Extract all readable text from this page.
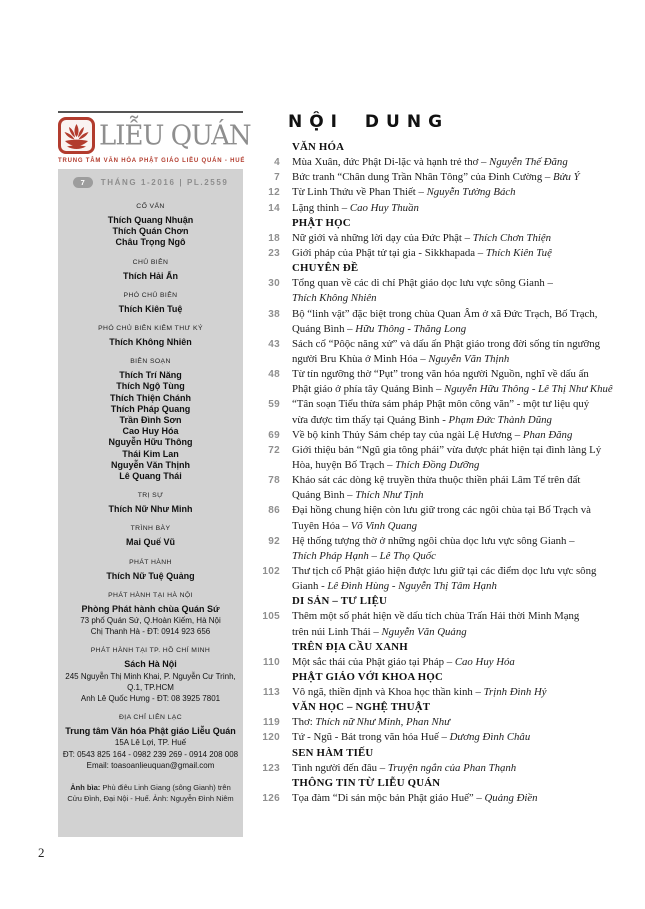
LIỄU QUÁN
TRUNG TÂM VĂN HÓA PHẬT GIÁO LIỄU QUÁN - HUẾ
7	THÁNG 1-2016 | PL.2559
CỐ VẤN
Thích Quang Nhuận
Thích Quán Chơn
Châu Trọng Ngô
CHỦ BIÊN
Thích Hải Ấn
PHÓ CHỦ BIÊN
Thích Kiên Tuệ
PHÓ CHỦ BIÊN KIÊM THƯ KÝ
Thích Không Nhiên
BIÊN SOẠN
Thích Trí Năng
Thích Ngộ Tùng
Thích Thiện Chánh
Thích Pháp Quang
Trần Đình Sơn
Cao Huy Hóa
Nguyễn Hữu Thông
Thái Kim Lan
Nguyễn Văn Thịnh
Lê Quang Thái
TRỊ SỰ
Thích Nữ Như Minh
TRÌNH BÀY
Mai Quế Vũ
PHÁT HÀNH
Thích Nữ Tuệ Quảng
PHÁT HÀNH TẠI HÀ NỘI
Phòng Phát hành chùa Quán Sứ
73 phố Quán Sứ, Q.Hoàn Kiếm, Hà Nội
Chị Thanh Hà - ĐT: 0914 923 656
PHÁT HÀNH TẠI TP. HỒ CHÍ MINH
Sách Hà Nội
245 Nguyễn Thị Minh Khai, P. Nguyễn Cư Trinh,
Q.1, TP.HCM
Anh Lê Quốc Hưng - ĐT: 08 3925 7801
ĐỊA CHỈ LIÊN LẠC
Trung tâm Văn hóa Phật giáo Liễu Quán
15A Lê Lợi, TP. Huế
ĐT: 0543 825 164 - 0982 239 269 - 0914 208 008
Email: toasoanlieuquan@gmail.com
Ảnh bìa: Phù điêu Linh Giang (sông Gianh) trên Cửu Đỉnh, Đại Nội - Huế. Ảnh: Nguyễn Đình Niêm
2
NỘI DUNG
VĂN HÓA
4 Mùa Xuân, đức Phật Di-lặc và hạnh trẻ thơ – Nguyễn Thế Đăng
7 Bức tranh “Chân dung Trần Nhân Tông” của Đinh Cường – Bửu Ý
12 Từ Linh Thứu về Phan Thiết – Nguyễn Tường Bách
14 Lặng thinh – Cao Huy Thuần
PHẬT HỌC
18 Nữ giới và những lời dạy của Đức Phật – Thích Chơn Thiện
23 Giới pháp của Phật tử tại gia - Sikkhapada – Thích Kiên Tuệ
CHUYÊN ĐỀ
30 Tổng quan về các di chỉ Phật giáo dọc lưu vực sông Gianh –
Thích Không Nhiên
38 Bộ “linh vật” đặc biệt trong chùa Quan Âm ở xã Đức Trạch, Bố Trạch,
Quảng Bình – Hữu Thông - Thăng Long
43 Sách cổ “Pôộc năng xử” và dấu ấn Phật giáo trong đời sống tín ngưỡng
người Bru Khùa ở Minh Hóa – Nguyễn Văn Thịnh
48 Từ tín ngưỡng thờ “Pụt” trong văn hóa người Nguồn, nghĩ về dấu ấn
Phật giáo ở phía tây Quảng Bình – Nguyễn Hữu Thông - Lê Thị Như Khuê
59 “Tân soạn Tiểu thừa sám pháp Phật môn công văn” - một tư liệu quý
vừa được tìm thấy tại Quảng Bình - Phạm Đức Thành Dũng
69 Về bộ kinh Thủy Sám chép tay của ngài Lệ Hương – Phan Đăng
72 Giới thiệu bản “Ngũ gia tông phái” vừa được phát hiện tại đình làng Lý
Hòa, huyện Bố Trạch – Thích Đồng Dưỡng
78 Khảo sát các dòng kệ truyền thừa thuộc thiền phái Lâm Tế trên đất
Quảng Bình – Thích Như Tịnh
86 Đại hồng chung hiện còn lưu giữ trong các ngôi chùa tại Bố Trạch và
Tuyên Hóa – Võ Vinh Quang
92 Hệ thống tượng thờ ở những ngôi chùa dọc lưu vực sông Gianh –
Thích Pháp Hạnh – Lê Thọ Quốc
102 Thư tịch cổ Phật giáo hiện được lưu giữ tại các điểm dọc lưu vực sông
Gianh - Lê Đình Hùng - Nguyễn Thị Tâm Hạnh
DI SẢN – TƯ LIỆU
105 Thêm một số phát hiện về dấu tích chùa Trấn Hải thời Minh Mạng
trên núi Linh Thái – Nguyễn Văn Quảng
TRÊN ĐỊA CẦU XANH
110 Một sắc thái của Phật giáo tại Pháp – Cao Huy Hóa
PHẬT GIÁO VỚI KHOA HỌC
113 Vô ngã, thiền định và Khoa học thần kinh – Trịnh Đình Hỷ
VĂN HỌC – NGHỆ THUẬT
119 Thơ: Thích nữ Như Minh, Phan Như
120 Tứ - Ngũ - Bát trong văn hóa Huế – Dương Đình Châu
SEN HÀM TIẾU
123 Tình người đến đâu – Truyện ngắn của Phan Thạnh
THÔNG TIN TỪ LIỄU QUÁN
126 Tọa đàm “Di sản mộc bản Phật giáo Huế” – Quảng Điền
